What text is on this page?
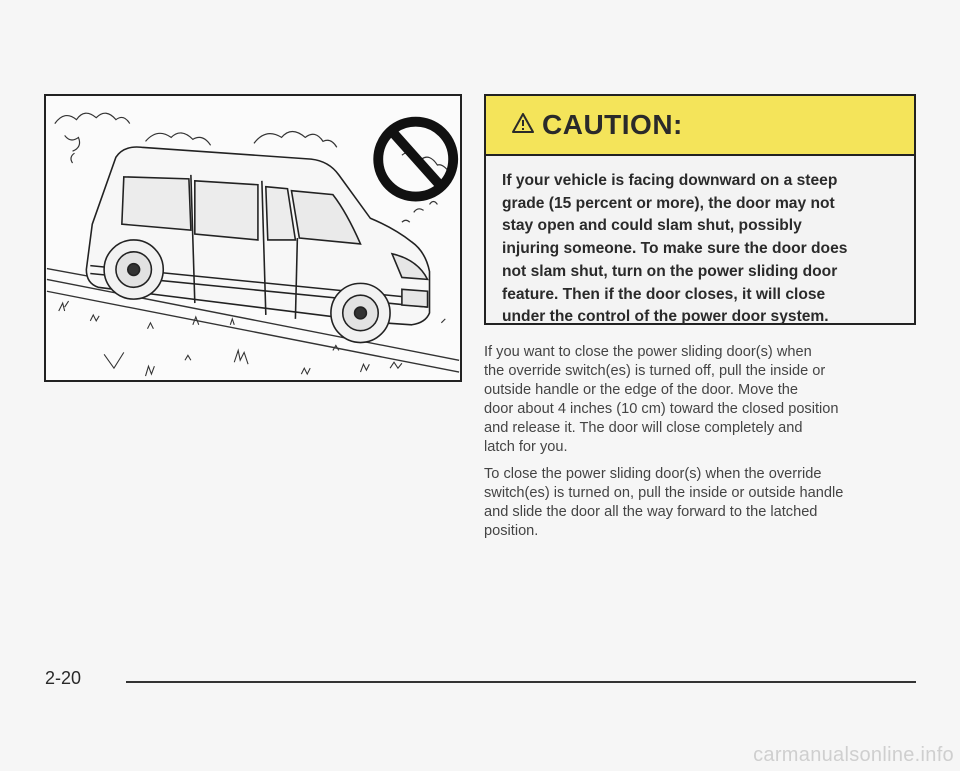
CAUTION:
If your vehicle is facing downward on a steep
grade (15 percent or more), the door may not
stay open and could slam shut, possibly
injuring someone. To make sure the door does
not slam shut, turn on the power sliding door
feature. Then if the door closes, it will close
under the control of the power door system.
If you want to close the power sliding door(s) when
the override switch(es) is turned off, pull the inside or
outside handle or the edge of the door. Move the
door about 4 inches (10 cm) toward the closed position
and release it. The door will close completely and
latch for you.
To close the power sliding door(s) when the override
switch(es) is turned on, pull the inside or outside handle
and slide the door all the way forward to the latched
position.
2-20
carmanualsonline.info
